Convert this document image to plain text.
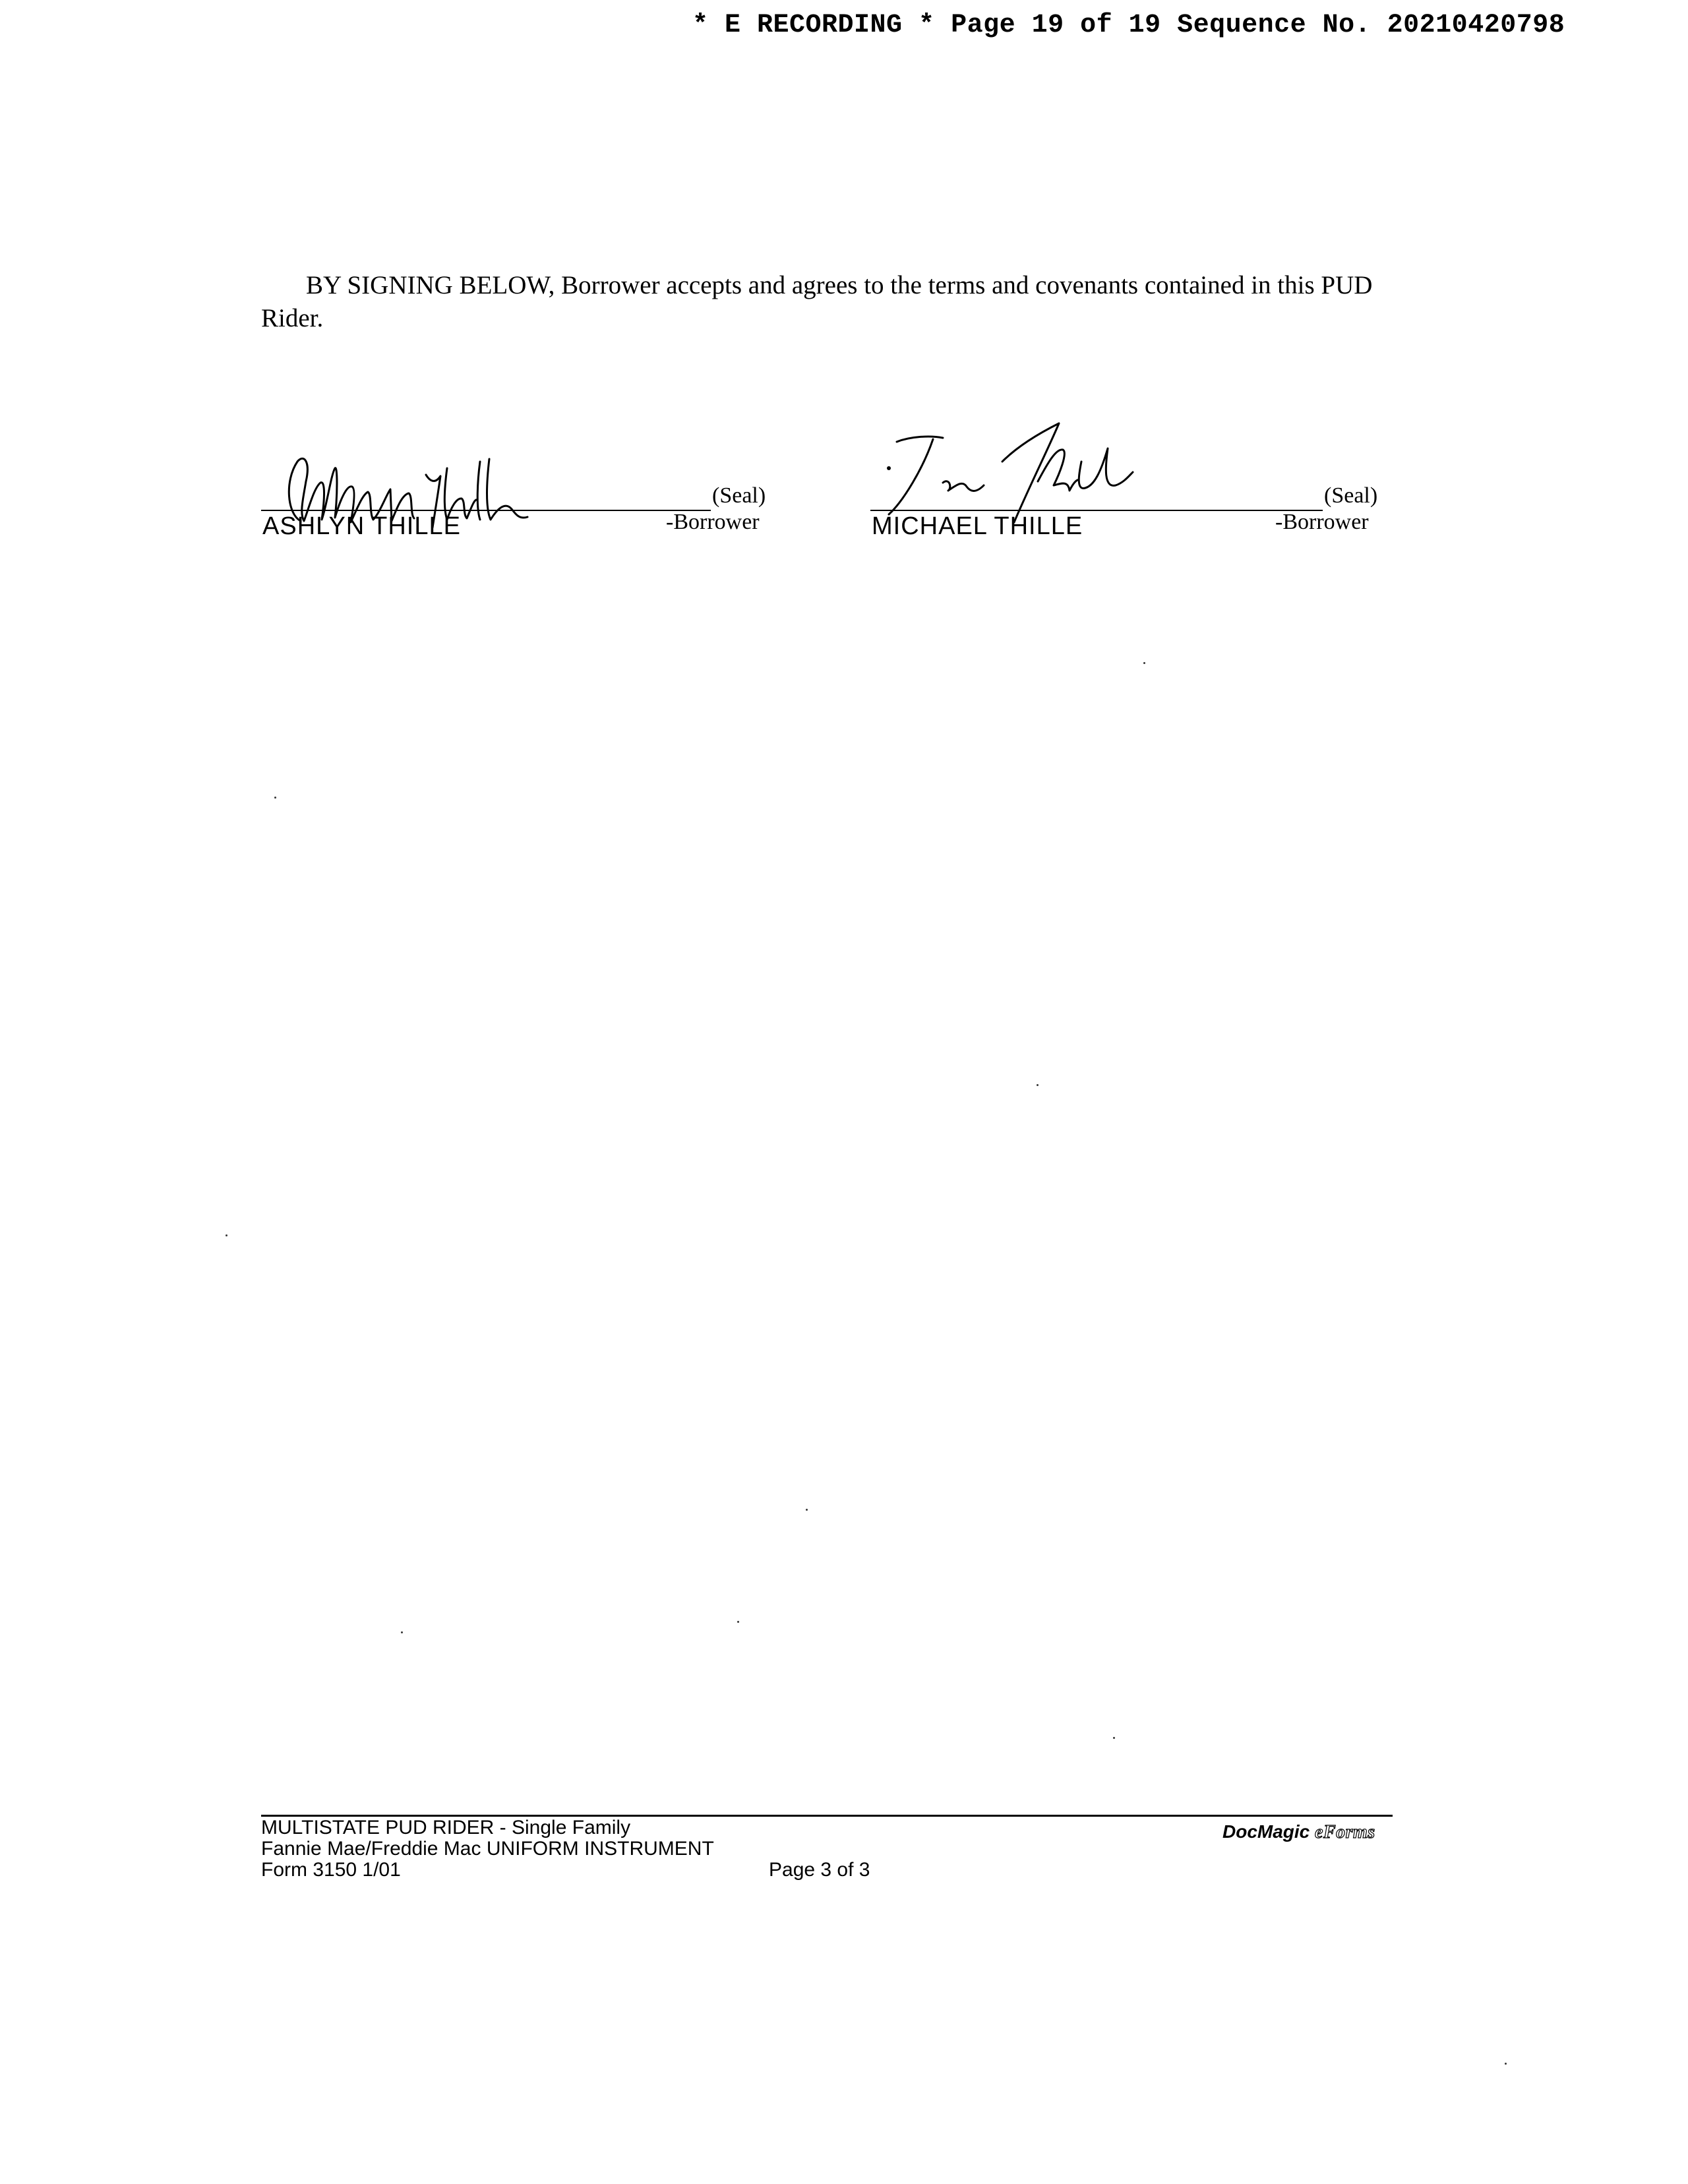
* E RECORDING * Page 19 of 19 Sequence No. 20210420798
BY SIGNING BELOW, Borrower accepts and agrees to the terms and covenants contained in this PUD
Rider.
(Seal)
-Borrower
ASHLYN THILLE
(Seal)
-Borrower
MICHAEL THILLE
MULTISTATE PUD RIDER - Single Family
Fannie Mae/Freddie Mac UNIFORM INSTRUMENT
Form 3150 1/01	Page 3 of 3
DocMagic eForms
